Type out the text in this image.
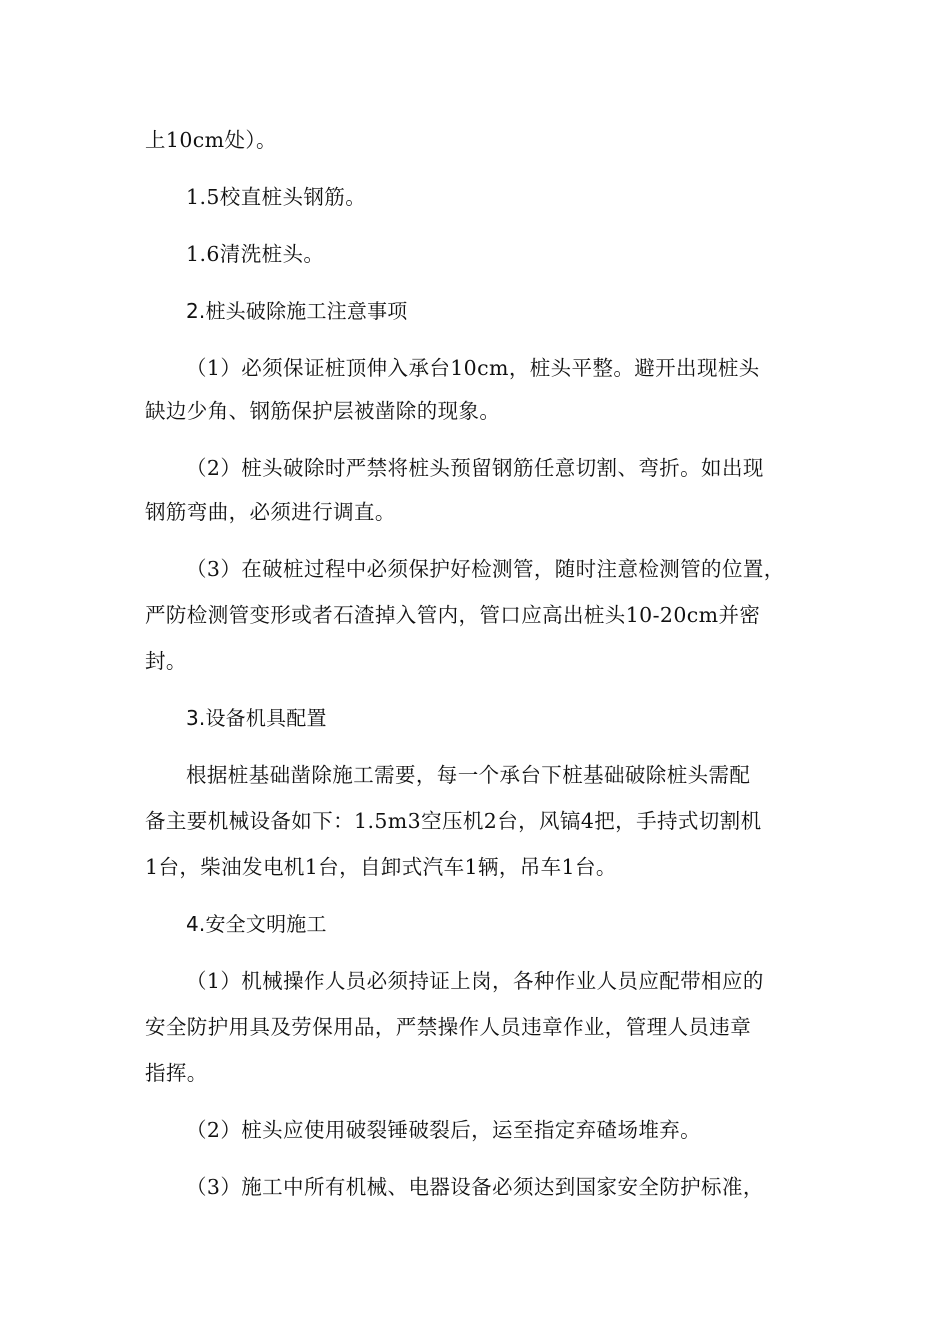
上10cm处）。
1.5校直桩头钢筋。
1.6清洗桩头。
2.桩头破除施工注意事项
（1）必须保证桩顶伸入承台10cm，桩头平整。避开出现桩头
缺边少角、钢筋保护层被凿除的现象。
（2）桩头破除时严禁将桩头预留钢筋任意切割、弯折。如出现
钢筋弯曲，必须进行调直。
（3）在破桩过程中必须保护好检测管，随时注意检测管的位置，
严防检测管变形或者石渣掉入管内，管口应高出桩头10-20cm并密
封。
3.设备机具配置
根据桩基础凿除施工需要，每一个承台下桩基础破除桩头需配
备主要机械设备如下：1.5m3空压机2台，风镐4把，手持式切割机
1台，柴油发电机1台，自卸式汽车1辆，吊车1台。
4.安全文明施工
（1）机械操作人员必须持证上岗，各种作业人员应配带相应的
安全防护用具及劳保用品，严禁操作人员违章作业，管理人员违章
指挥。
（2）桩头应使用破裂锤破裂后，运至指定弃碴场堆弃。
（3）施工中所有机械、电器设备必须达到国家安全防护标准，
